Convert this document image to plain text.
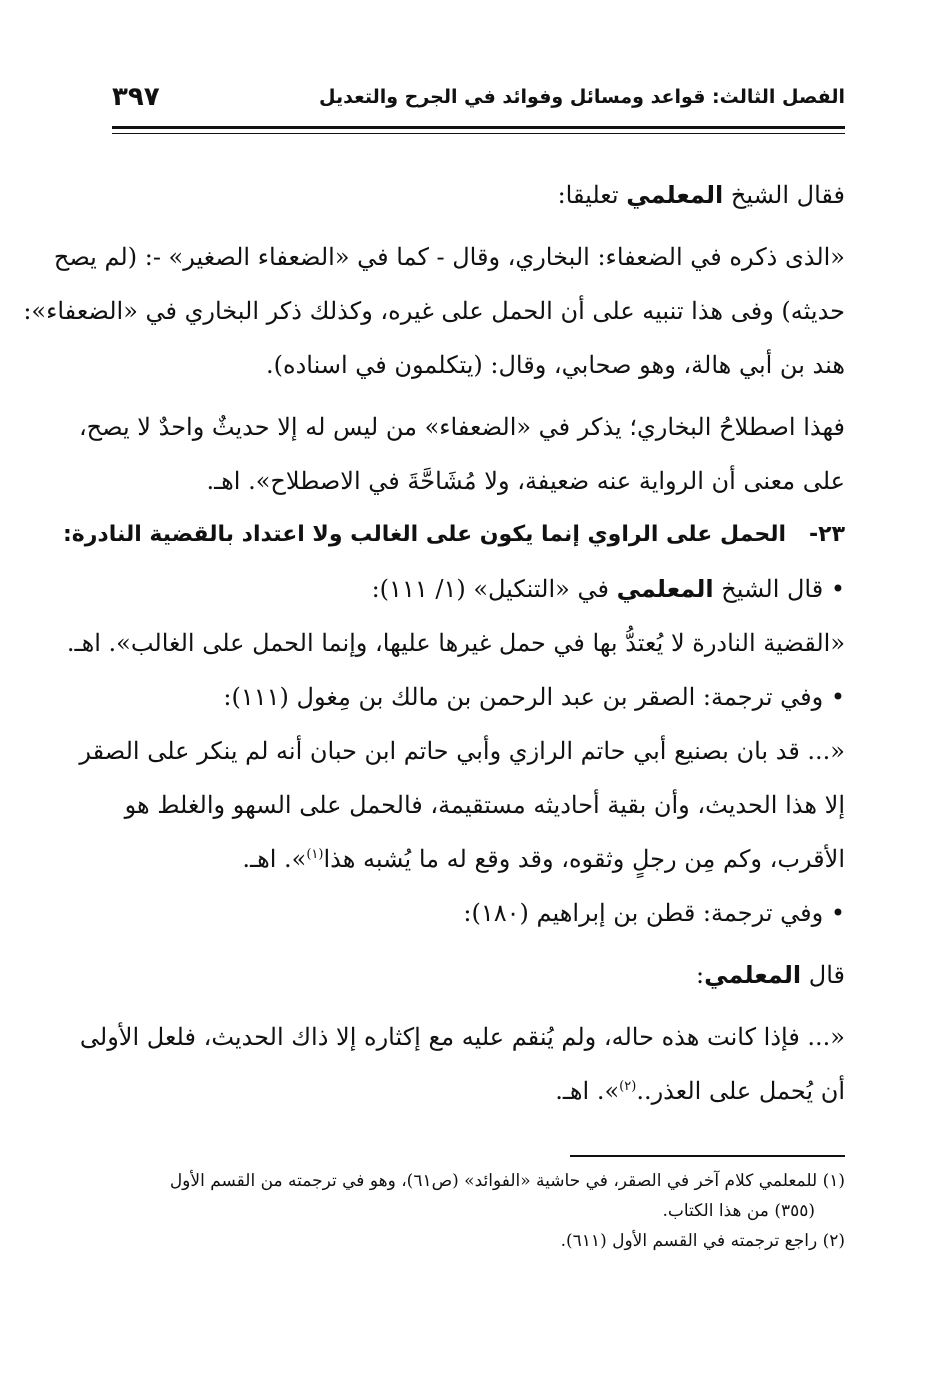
الفصل الثالث: قواعد ومسائل وفوائد في الجرح والتعديل
٣٩٧
فقال الشيخ المعلمي تعليقا:
«الذى ذكره في الضعفاء: البخاري، وقال - كما في «الضعفاء الصغير» -: (لم يصح
حديثه) وفى هذا تنبيه على أن الحمل على غيره، وكذلك ذكر البخاري في «الضعفاء»:
هند بن أبي هالة، وهو صحابي، وقال: (يتكلمون في اسناده).
فهذا اصطلاحُ البخاري؛ يذكر في «الضعفاء» من ليس له إلا حديثٌ واحدٌ لا يصح،
على معنى أن الرواية عنه ضعيفة، ولا مُشَاحَّةَ في الاصطلاح». اهـ.
٢٣-   الحمل على الراوي إنما يكون على الغالب ولا اعتداد بالقضية النادرة:
• قال الشيخ المعلمي في «التنكيل» (١/ ١١١):
«القضية النادرة لا يُعتدُّ بها في حمل غيرها عليها، وإنما الحمل على الغالب». اهـ.
• وفي ترجمة: الصقر بن عبد الرحمن بن مالك بن مِغول (١١١):
«... قد بان بصنيع أبي حاتم الرازي وأبي حاتم ابن حبان أنه لم ينكر على الصقر
إلا هذا الحديث، وأن بقية أحاديثه مستقيمة، فالحمل على السهو والغلط هو
الأقرب، وكم مِن رجلٍ وثقوه، وقد وقع له ما يُشبه هذا$^{(١)}$». اهـ.
• وفي ترجمة: قطن بن إبراهيم (١٨٠):
قال المعلمي:
«... فإذا كانت هذه حاله، ولم يُنقم عليه مع إكثاره إلا ذاك الحديث، فلعل الأولى
أن يُحمل على العذر..$^{(٢)}$». اهـ.
(١) للمعلمي كلام آخر في الصقر، في حاشية «الفوائد» (ص٦١)، وهو في ترجمته من القسم الأول
(٣٥٥) من هذا الكتاب.
(٢) راجع ترجمته في القسم الأول (٦١١).
